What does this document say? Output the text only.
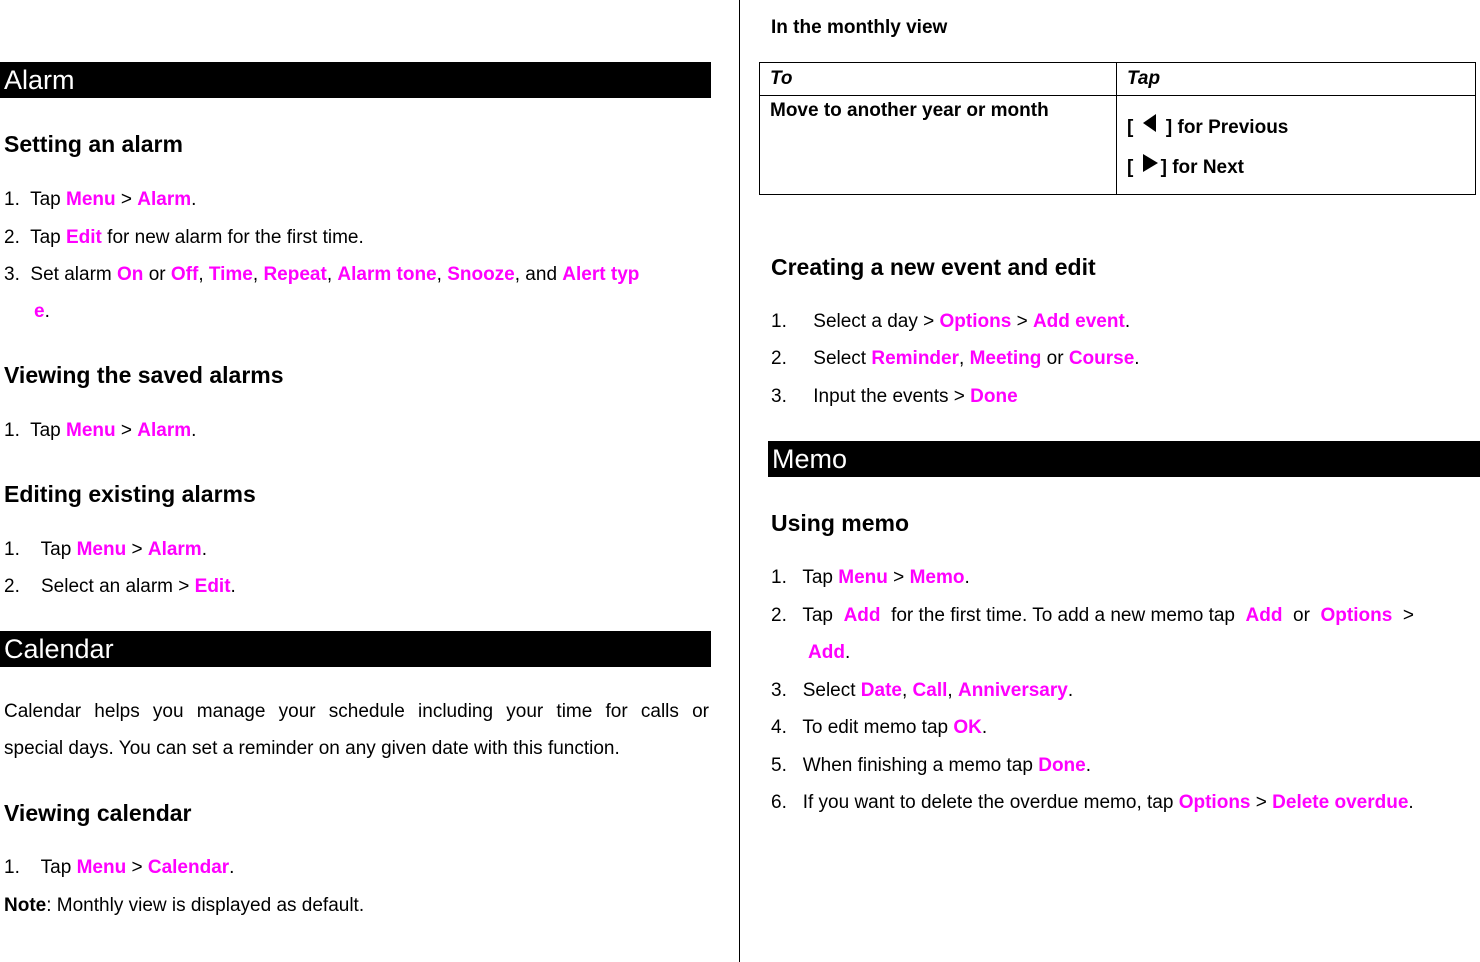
Alarm
Setting an alarm
1. Tap Menu > Alarm.
2. Tap Edit for new alarm for the first time.
3. Set alarm On or Off, Time, Repeat, Alarm tone, Snooze, and Alert typ
e.
Viewing the saved alarms
1. Tap Menu > Alarm.
Editing existing alarms
1. Tap Menu > Alarm.
2. Select an alarm > Edit.
Calendar
Calendar helps you manage your schedule including your time for calls or
special days. You can set a reminder on any given date with this function.
Viewing calendar
1. Tap Menu > Calendar.
Note: Monthly view is displayed as default.
In the monthly view
To	Tap
Move to another year or month	[ ] for Previous
[ ] for Next
Creating a new event and edit
1. Select a day > Options > Add event.
2. Select Reminder, Meeting or Course.
3. Input the events > Done
Memo
Using memo
1. Tap Menu > Memo.
2. Tap Add for the first time. To add a new memo tap Add or Options >
Add.
3. Select Date, Call, Anniversary.
4. To edit memo tap OK.
5. When finishing a memo tap Done.
6. If you want to delete the overdue memo, tap Options > Delete overdue.
